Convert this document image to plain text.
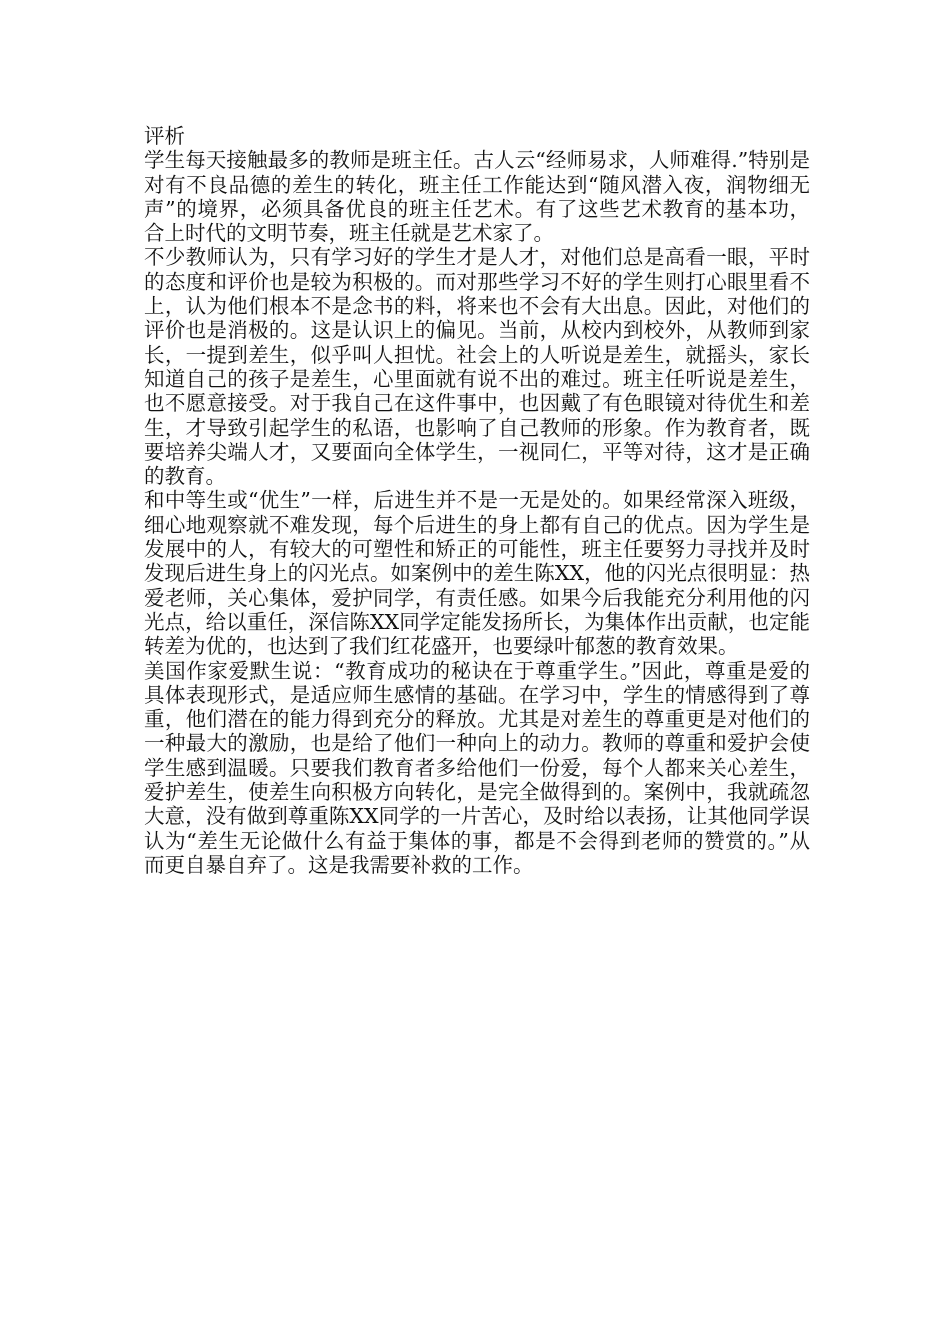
评析

学生每天接触最多的教师是班主任。古人云“经师易求，人师难得.”特别是对有不良品德的差生的转化，班主任工作能达到“随风潜入夜，润物细无声”的境界，必须具备优良的班主任艺术。有了这些艺术教育的基本功，合上时代的文明节奏，班主任就是艺术家了。

不少教师认为，只有学习好的学生才是人才，对他们总是高看一眼，平时的态度和评价也是较为积极的。而对那些学习不好的学生则打心眼里看不上，认为他们根本不是念书的料，将来也不会有大出息。因此，对他们的评价也是消极的。这是认识上的偏见。当前，从校内到校外，从教师到家长，一提到差生，似乎叫人担忧。社会上的人听说是差生，就摇头，家长知道自己的孩子是差生，心里面就有说不出的难过。班主任听说是差生，也不愿意接受。对于我自己在这件事中，也因戴了有色眼镜对待优生和差生，才导致引起学生的私语，也影响了自己教师的形象。作为教育者，既要培养尖端人才，又要面向全体学生，一视同仁，平等对待，这才是正确的教育。

和中等生或“优生”一样，后进生并不是一无是处的。如果经常深入班级，细心地观察就不难发现，每个后进生的身上都有自己的优点。因为学生是发展中的人，有较大的可塑性和矫正的可能性，班主任要努力寻找并及时发现后进生身上的闪光点。如案例中的差生陈XX，他的闪光点很明显：热爱老师，关心集体，爱护同学，有责任感。如果今后我能充分利用他的闪光点，给以重任，深信陈XX同学定能发扬所长，为集体作出贡献，也定能转差为优的，也达到了我们红花盛开，也要绿叶郁葱的教育效果。

美国作家爱默生说：“教育成功的秘诀在于尊重学生。”因此，尊重是爱的具体表现形式，是适应师生感情的基础。在学习中，学生的情感得到了尊重，他们潜在的能力得到充分的释放。尤其是对差生的尊重更是对他们的一种最大的激励，也是给了他们一种向上的动力。教师的尊重和爱护会使学生感到温暖。只要我们教育者多给他们一份爱，每个人都来关心差生，爱护差生，使差生向积极方向转化，是完全做得到的。案例中，我就疏忽大意，没有做到尊重陈XX同学的一片苦心，及时给以表扬，让其他同学误认为“差生无论做什么有益于集体的事，都是不会得到老师的赞赏的。”从而更自暴自弃了。这是我需要补救的工作。
